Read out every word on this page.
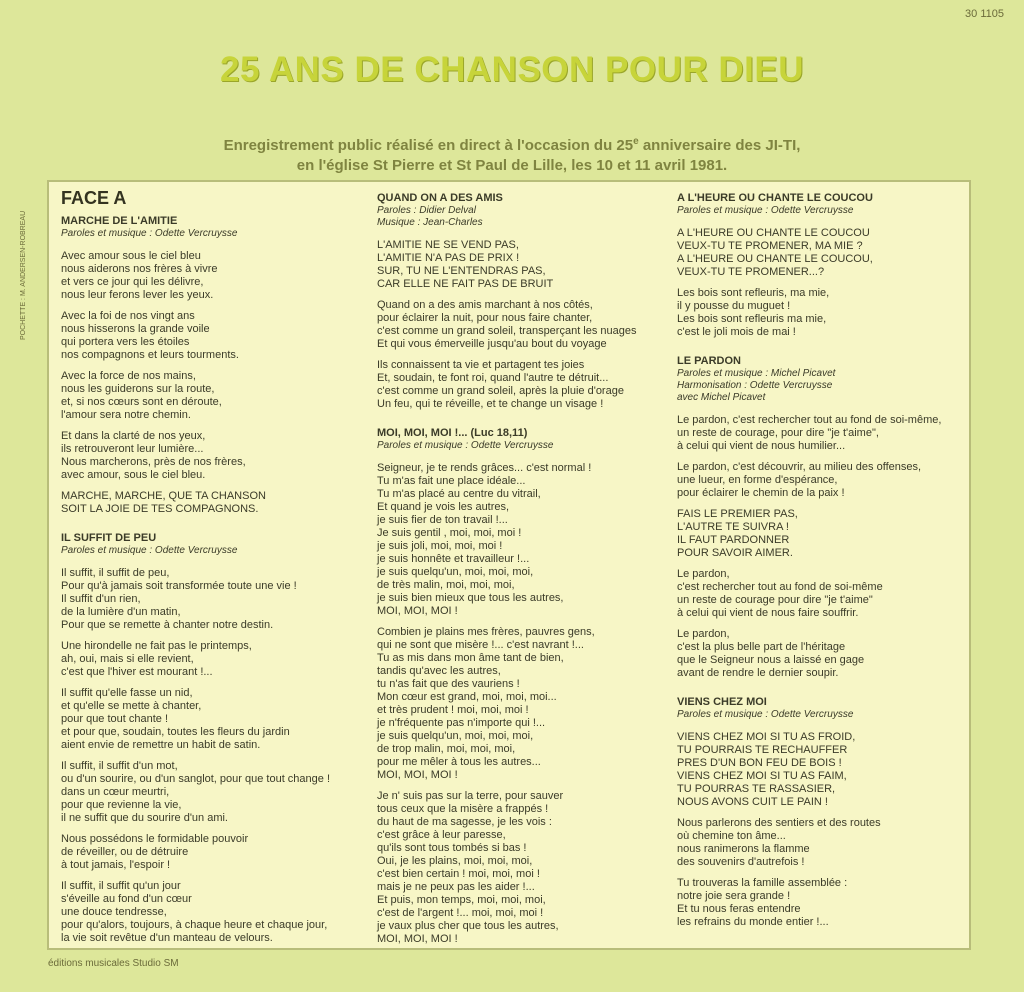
30 1105
25 ANS DE CHANSON POUR DIEU
Enregistrement public réalisé en direct à l'occasion du 25e anniversaire des JI-TI,
en l'église St Pierre et St Paul de Lille, les 10 et 11 avril 1981.
POCHETTE : M. ANDERSEN-ROBREAU
FACE A
MARCHE DE L'AMITIE
Paroles et musique : Odette Vercruysse
Avec amour sous le ciel bleu
nous aiderons nos frères à vivre
et vers ce jour qui les délivre,
nous leur ferons lever les yeux.
Avec la foi de nos vingt ans
nous hisserons la grande voile
qui portera vers les étoiles
nos compagnons et leurs tourments.
Avec la force de nos mains,
nous les guiderons sur la route,
et, si nos cœurs sont en déroute,
l'amour sera notre chemin.
Et dans la clarté de nos yeux,
ils retrouveront leur lumière...
Nous marcherons, près de nos frères,
avec amour, sous le ciel bleu.
MARCHE, MARCHE, QUE TA CHANSON
SOIT LA JOIE DE TES COMPAGNONS.
IL SUFFIT DE PEU
Paroles et musique : Odette Vercruysse
Il suffit, il suffit de peu,
Pour qu'à jamais soit transformée toute une vie !
Il suffit d'un rien,
de la lumière d'un matin,
Pour que se remette à chanter notre destin.
Une hirondelle ne fait pas le printemps,
ah, oui, mais si elle revient,
c'est que l'hiver est mourant !...
Il suffit qu'elle fasse un nid,
et qu'elle se mette à chanter,
pour que tout chante !
et pour que, soudain, toutes les fleurs du jardin
aient envie de remettre un habit de satin.
Il suffit, il suffit d'un mot,
ou d'un sourire, ou d'un sanglot, pour que tout change !
dans un cœur meurtri,
pour que revienne la vie,
il ne suffit que du sourire d'un ami.
Nous possédons le formidable pouvoir
de réveiller, ou de détruire
à tout jamais, l'espoir !
Il suffit, il suffit qu'un jour
s'éveille au fond d'un cœur
une douce tendresse,
pour qu'alors, toujours, à chaque heure et chaque jour,
la vie soit revêtue d'un manteau de velours.
QUAND ON A DES AMIS
Paroles : Didier Delval
Musique : Jean-Charles
L'AMITIE NE SE VEND PAS,
L'AMITIE N'A PAS DE PRIX !
SUR, TU NE L'ENTENDRAS PAS,
CAR ELLE NE FAIT PAS DE BRUIT
Quand on a des amis marchant à nos côtés,
pour éclairer la nuit, pour nous faire chanter,
c'est comme un grand soleil, transperçant les nuages
Et qui vous émerveille jusqu'au bout du voyage
Ils connaissent ta vie et partagent tes joies
Et, soudain, te font roi, quand l'autre te détruit...
c'est comme un grand soleil, après la pluie d'orage
Un feu, qui te réveille, et te change un visage !
MOI, MOI, MOI !... (Luc 18,11)
Paroles et musique : Odette Vercruysse
Seigneur, je te rends grâces... c'est normal !
Tu m'as fait une place idéale...
Tu m'as placé au centre du vitrail,
Et quand je vois les autres,
je suis fier de ton travail !...
Je suis gentil , moi, moi, moi !
je suis joli, moi, moi, moi !
je suis honnête et travailleur !...
je suis quelqu'un, moi, moi, moi,
de très malin, moi, moi, moi,
je suis bien mieux que tous les autres,
MOI, MOI, MOI !
Combien je plains mes frères, pauvres gens,
qui ne sont que misère !... c'est navrant !...
Tu as mis dans mon âme tant de bien,
tandis qu'avec les autres,
tu n'as fait que des vauriens !
Mon cœur est grand, moi, moi, moi...
et très prudent ! moi, moi, moi !
je n'fréquente pas n'importe qui !...
je suis quelqu'un, moi, moi, moi,
de trop malin, moi, moi, moi,
pour me mêler à tous les autres...
MOI, MOI, MOI !
Je n' suis pas sur la terre, pour sauver
tous ceux que la misère a frappés !
du haut de ma sagesse, je les vois :
c'est grâce à leur paresse,
qu'ils sont tous tombés si bas !
Oui, je les plains, moi, moi, moi,
c'est bien certain ! moi, moi, moi !
mais je ne peux pas les aider !...
Et puis, mon temps, moi, moi, moi,
c'est de l'argent !... moi, moi, moi !
je vaux plus cher que tous les autres,
MOI, MOI, MOI !
A L'HEURE OU CHANTE LE COUCOU
Paroles et musique : Odette Vercruysse
A L'HEURE OU CHANTE LE COUCOU
VEUX-TU TE PROMENER, MA MIE ?
A L'HEURE OU CHANTE LE COUCOU,
VEUX-TU TE PROMENER...?
Les bois sont refleuris, ma mie,
il y pousse du muguet !
Les bois sont refleuris ma mie,
c'est le joli mois de mai !
LE PARDON
Paroles et musique : Michel Picavet
Harmonisation : Odette Vercruysse
avec Michel Picavet
Le pardon, c'est rechercher tout au fond de soi-même,
un reste de courage, pour dire "je t'aime",
à celui qui vient de nous humilier...
Le pardon, c'est découvrir, au milieu des offenses,
une lueur, en forme d'espérance,
pour éclairer le chemin de la paix !
FAIS LE PREMIER PAS,
L'AUTRE TE SUIVRA !
IL FAUT PARDONNER
POUR SAVOIR AIMER.
Le pardon,
c'est rechercher tout au fond de soi-même
un reste de courage pour dire "je t'aime"
à celui qui vient de nous faire souffrir.
Le pardon,
c'est la plus belle part de l'héritage
que le Seigneur nous a laissé en gage
avant de rendre le dernier soupir.
VIENS CHEZ MOI
Paroles et musique : Odette Vercruysse
VIENS CHEZ MOI SI TU AS FROID,
TU POURRAIS TE RECHAUFFER
PRES D'UN BON FEU DE BOIS !
VIENS CHEZ MOI SI TU AS FAIM,
TU POURRAS TE RASSASIER,
NOUS AVONS CUIT LE PAIN !
Nous parlerons des sentiers et des routes
où chemine ton âme...
nous ranimerons la flamme
des souvenirs d'autrefois !
Tu trouveras la famille assemblée :
notre joie sera grande !
Et tu nous feras entendre
les refrains du monde entier !...
éditions musicales Studio SM
